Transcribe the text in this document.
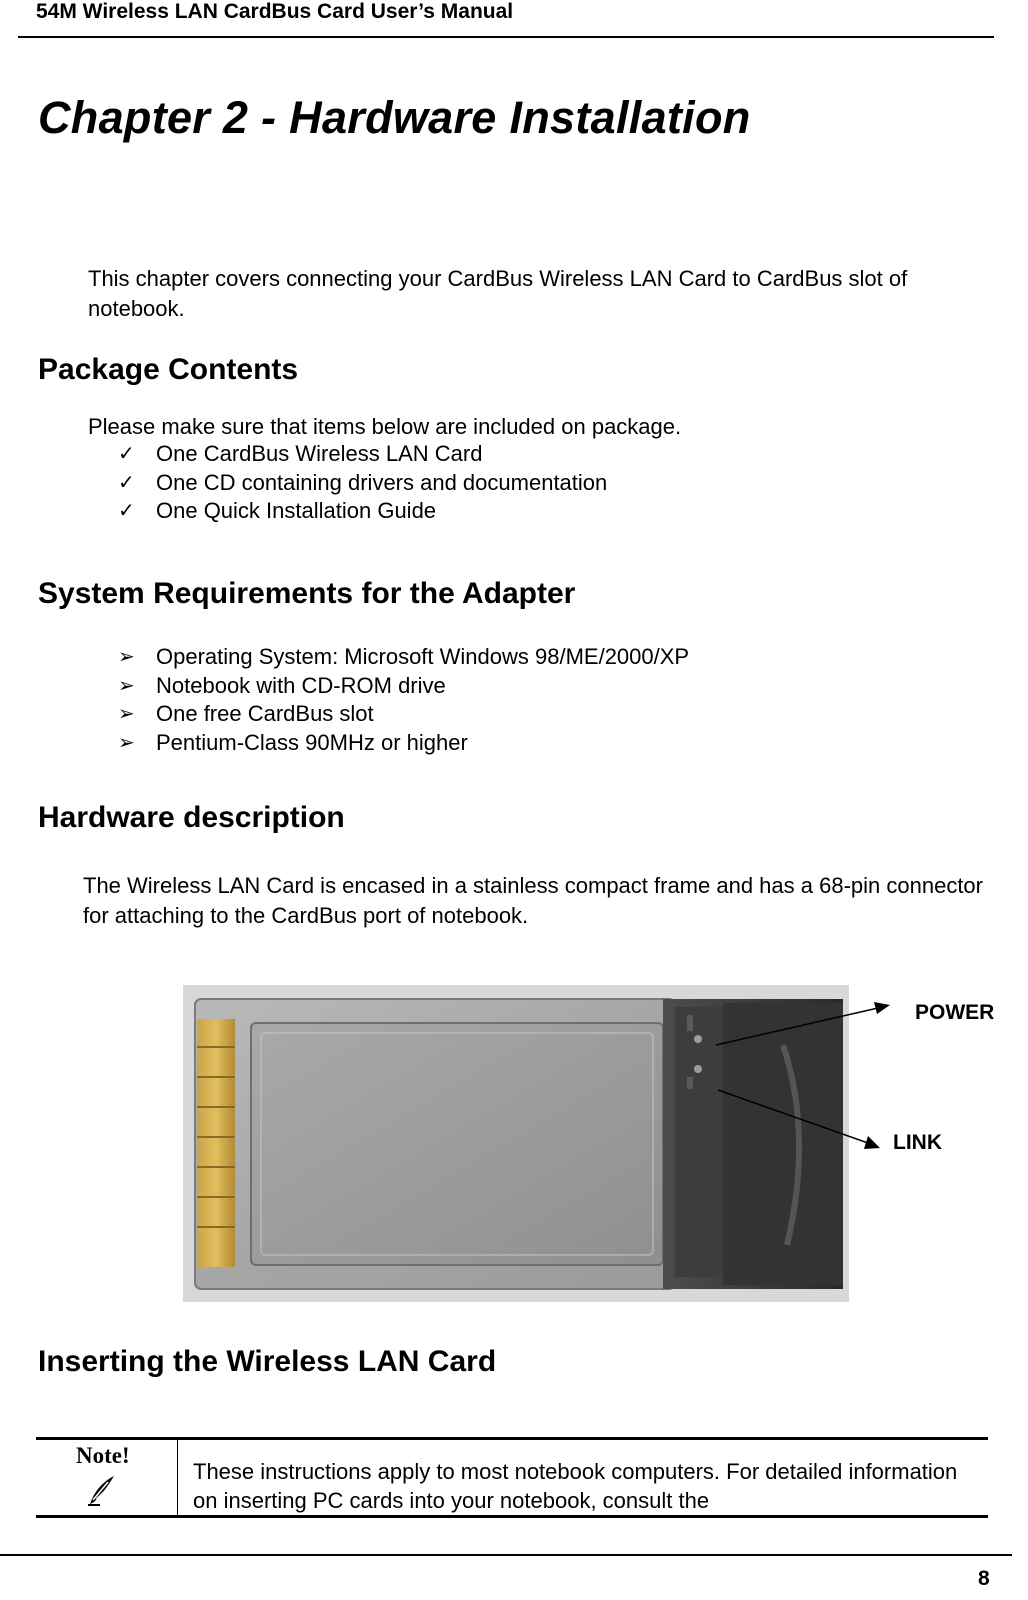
54M Wireless LAN CardBus Card User’s Manual
Chapter 2 - Hardware Installation
This chapter covers connecting your CardBus Wireless LAN Card to CardBus slot of notebook.
Package Contents
Please make sure that items below are included on package.
✓ One CardBus Wireless LAN Card
✓ One CD containing drivers and documentation
✓ One Quick Installation Guide
System Requirements for the Adapter
➢ Operating System: Microsoft Windows 98/ME/2000/XP
➢ Notebook with CD-ROM drive
➢ One free CardBus slot
➢ Pentium-Class 90MHz or higher
Hardware description
The Wireless LAN Card is encased in a stainless compact frame and has a 68-pin connector for attaching to the CardBus port of notebook.
POWER
LINK
Inserting the Wireless LAN Card
Note!
These instructions apply to most notebook computers. For detailed information on inserting PC cards into your notebook, consult the
8
